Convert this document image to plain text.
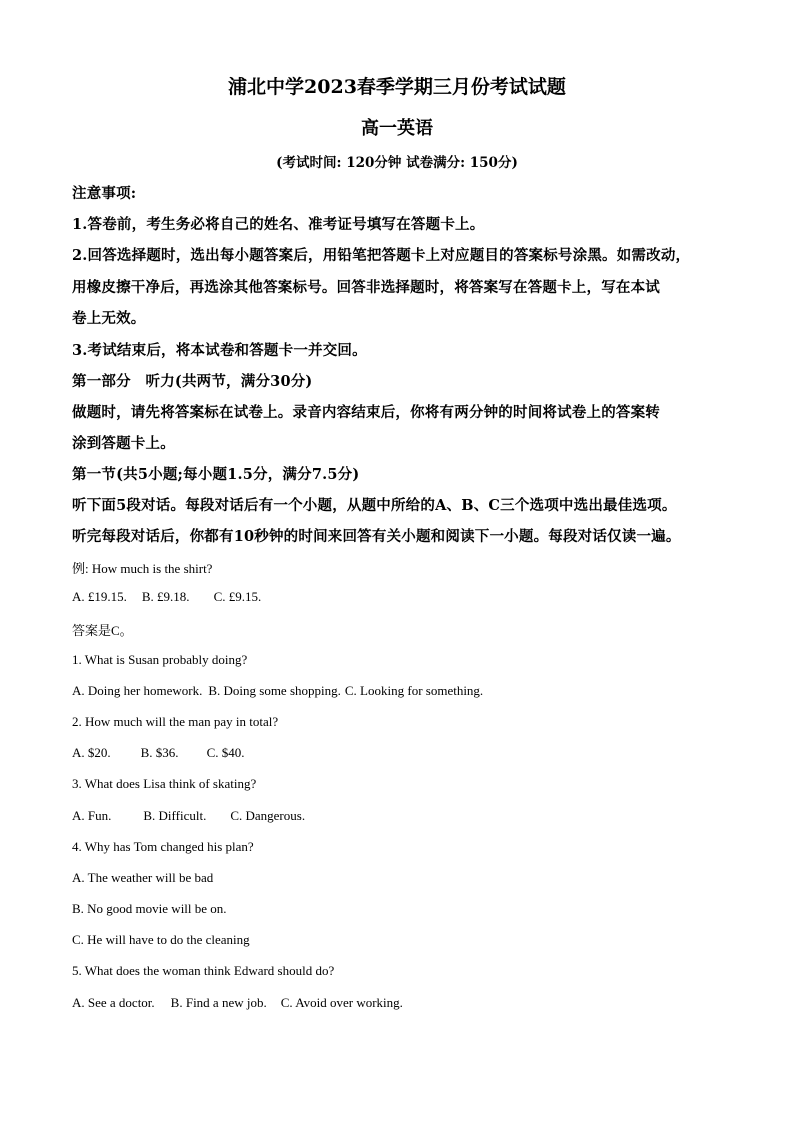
浦北中学2023春季学期三月份考试试题
高一英语
(考试时间: 120分钟 试卷满分: 150分)
注意事项:
1.答卷前，考生务必将自己的姓名、准考证号填写在答题卡上。
2.回答选择题时，选出每小题答案后，用铅笔把答题卡上对应题目的答案标号涂黑。如需改动，
用橡皮擦干净后，再选涂其他答案标号。回答非选择题时，将答案写在答题卡上，写在本试
卷上无效。
3.考试结束后，将本试卷和答题卡一并交回。
第一部分　听力(共两节，满分30分)
做题时，请先将答案标在试卷上。录音内容结束后，你将有两分钟的时间将试卷上的答案转
涂到答题卡上。
第一节(共5小题;每小题1.5分，满分7.5分)
听下面5段对话。每段对话后有一个小题，从题中所给的A、B、C三个选项中选出最佳选项。
听完每段对话后，你都有10秒钟的时间来回答有关小题和阅读下一小题。每段对话仅读一遍。
例: How much is the shirt?
A. £19.15. B. £9.18. C. £9.15.
答案是C。
1. What is Susan probably doing?
A. Doing her homework. B. Doing some shopping. C. Looking for something.
2. How much will the man pay in total?
A. $20. B. $36. C. $40.
3. What does Lisa think of skating?
A. Fun. B. Difficult. C. Dangerous.
4. Why has Tom changed his plan?
A. The weather will be bad
B. No good movie will be on.
C. He will have to do the cleaning
5. What does the woman think Edward should do?
A. See a doctor. B. Find a new job. C. Avoid over working.
